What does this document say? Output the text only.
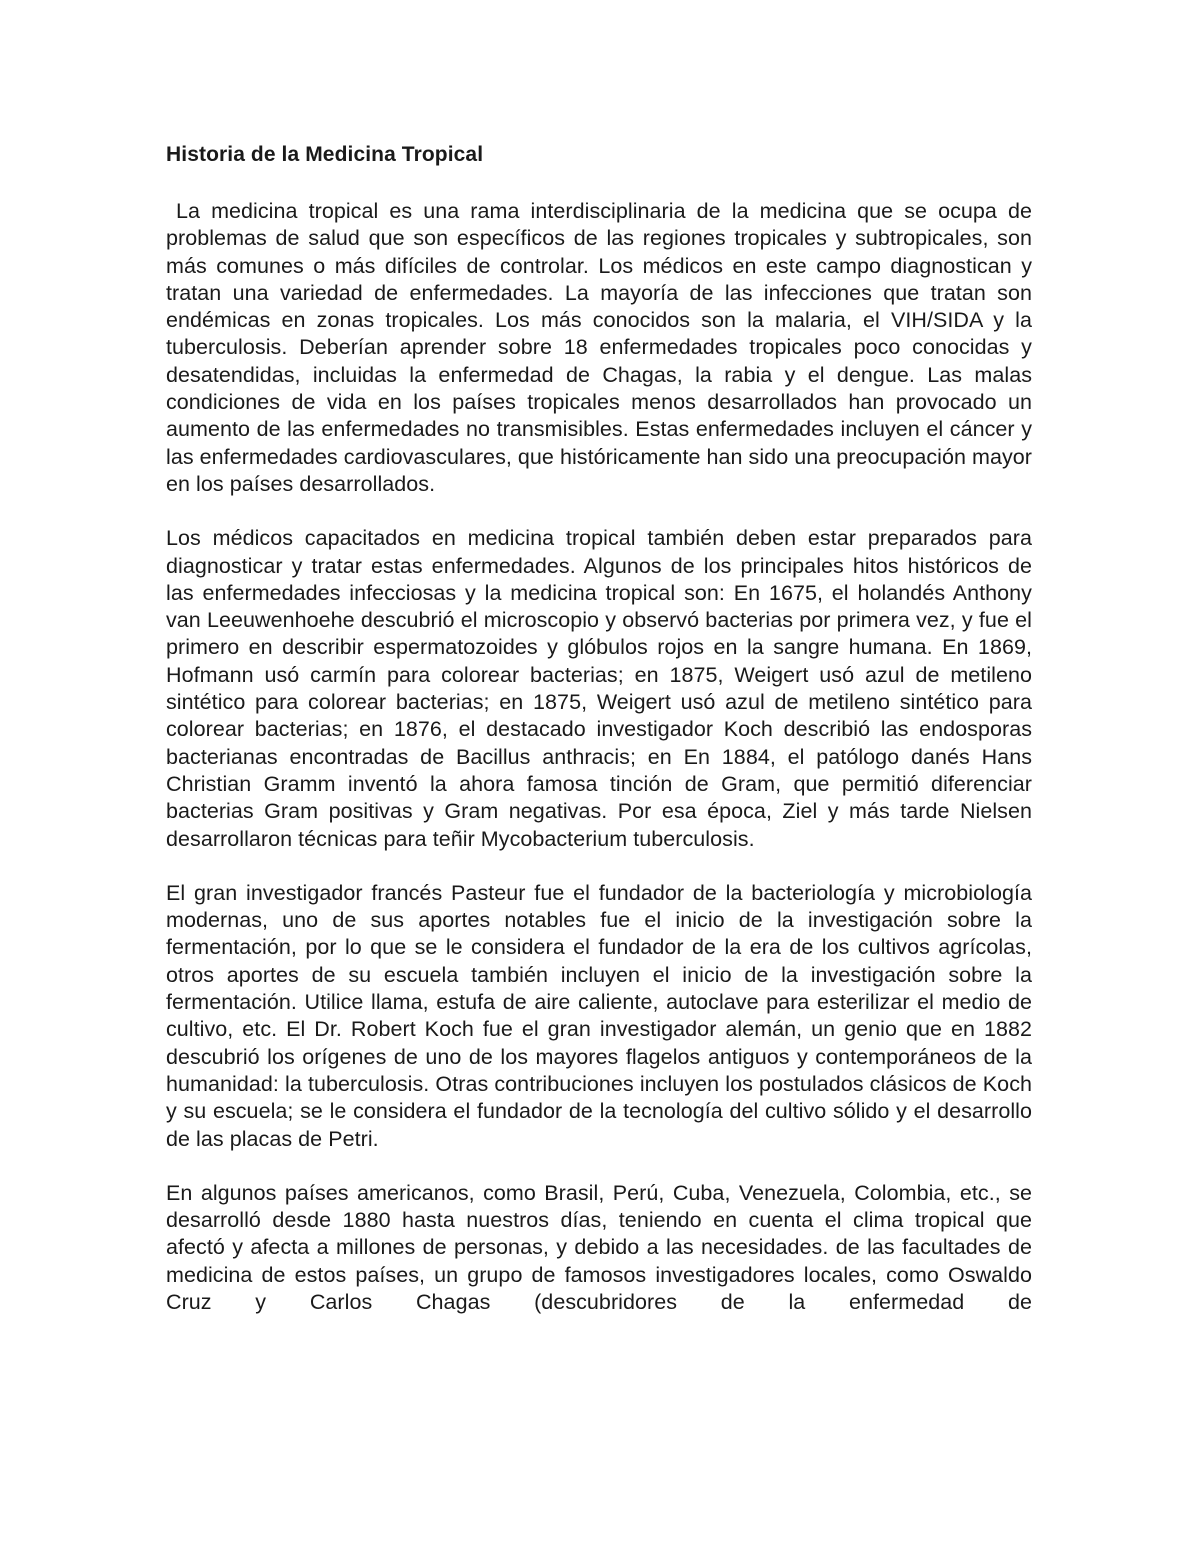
Historia de la Medicina Tropical

La medicina tropical es una rama interdisciplinaria de la medicina que se ocupa de problemas de salud que son específicos de las regiones tropicales y subtropicales, son más comunes o más difíciles de controlar. Los médicos en este campo diagnostican y tratan una variedad de enfermedades. La mayoría de las infecciones que tratan son endémicas en zonas tropicales. Los más conocidos son la malaria, el VIH/SIDA y la tuberculosis. Deberían aprender sobre 18 enfermedades tropicales poco conocidas y desatendidas, incluidas la enfermedad de Chagas, la rabia y el dengue. Las malas condiciones de vida en los países tropicales menos desarrollados han provocado un aumento de las enfermedades no transmisibles. Estas enfermedades incluyen el cáncer y las enfermedades cardiovasculares, que históricamente han sido una preocupación mayor en los países desarrollados.

Los médicos capacitados en medicina tropical también deben estar preparados para diagnosticar y tratar estas enfermedades. Algunos de los principales hitos históricos de las enfermedades infecciosas y la medicina tropical son: En 1675, el holandés Anthony van Leeuwenhoehe descubrió el microscopio y observó bacterias por primera vez, y fue el primero en describir espermatozoides y glóbulos rojos en la sangre humana. En 1869, Hofmann usó carmín para colorear bacterias; en 1875, Weigert usó azul de metileno sintético para colorear bacterias; en 1875, Weigert usó azul de metileno sintético para colorear bacterias; en 1876, el destacado investigador Koch describió las endosporas bacterianas encontradas de Bacillus anthracis; en En 1884, el patólogo danés Hans Christian Gramm inventó la ahora famosa tinción de Gram, que permitió diferenciar bacterias Gram positivas y Gram negativas. Por esa época, Ziel y más tarde Nielsen desarrollaron técnicas para teñir Mycobacterium tuberculosis.

El gran investigador francés Pasteur fue el fundador de la bacteriología y microbiología modernas, uno de sus aportes notables fue el inicio de la investigación sobre la fermentación, por lo que se le considera el fundador de la era de los cultivos agrícolas, otros aportes de su escuela también incluyen el inicio de la investigación sobre la fermentación. Utilice llama, estufa de aire caliente, autoclave para esterilizar el medio de cultivo, etc. El Dr. Robert Koch fue el gran investigador alemán, un genio que en 1882 descubrió los orígenes de uno de los mayores flagelos antiguos y contemporáneos de la humanidad: la tuberculosis. Otras contribuciones incluyen los postulados clásicos de Koch y su escuela; se le considera el fundador de la tecnología del cultivo sólido y el desarrollo de las placas de Petri.

En algunos países americanos, como Brasil, Perú, Cuba, Venezuela, Colombia, etc., se desarrolló desde 1880 hasta nuestros días, teniendo en cuenta el clima tropical que afectó y afecta a millones de personas, y debido a las necesidades. de las facultades de medicina de estos países, un grupo de famosos investigadores locales, como Oswaldo Cruz y Carlos Chagas (descubridores de la enfermedad de
